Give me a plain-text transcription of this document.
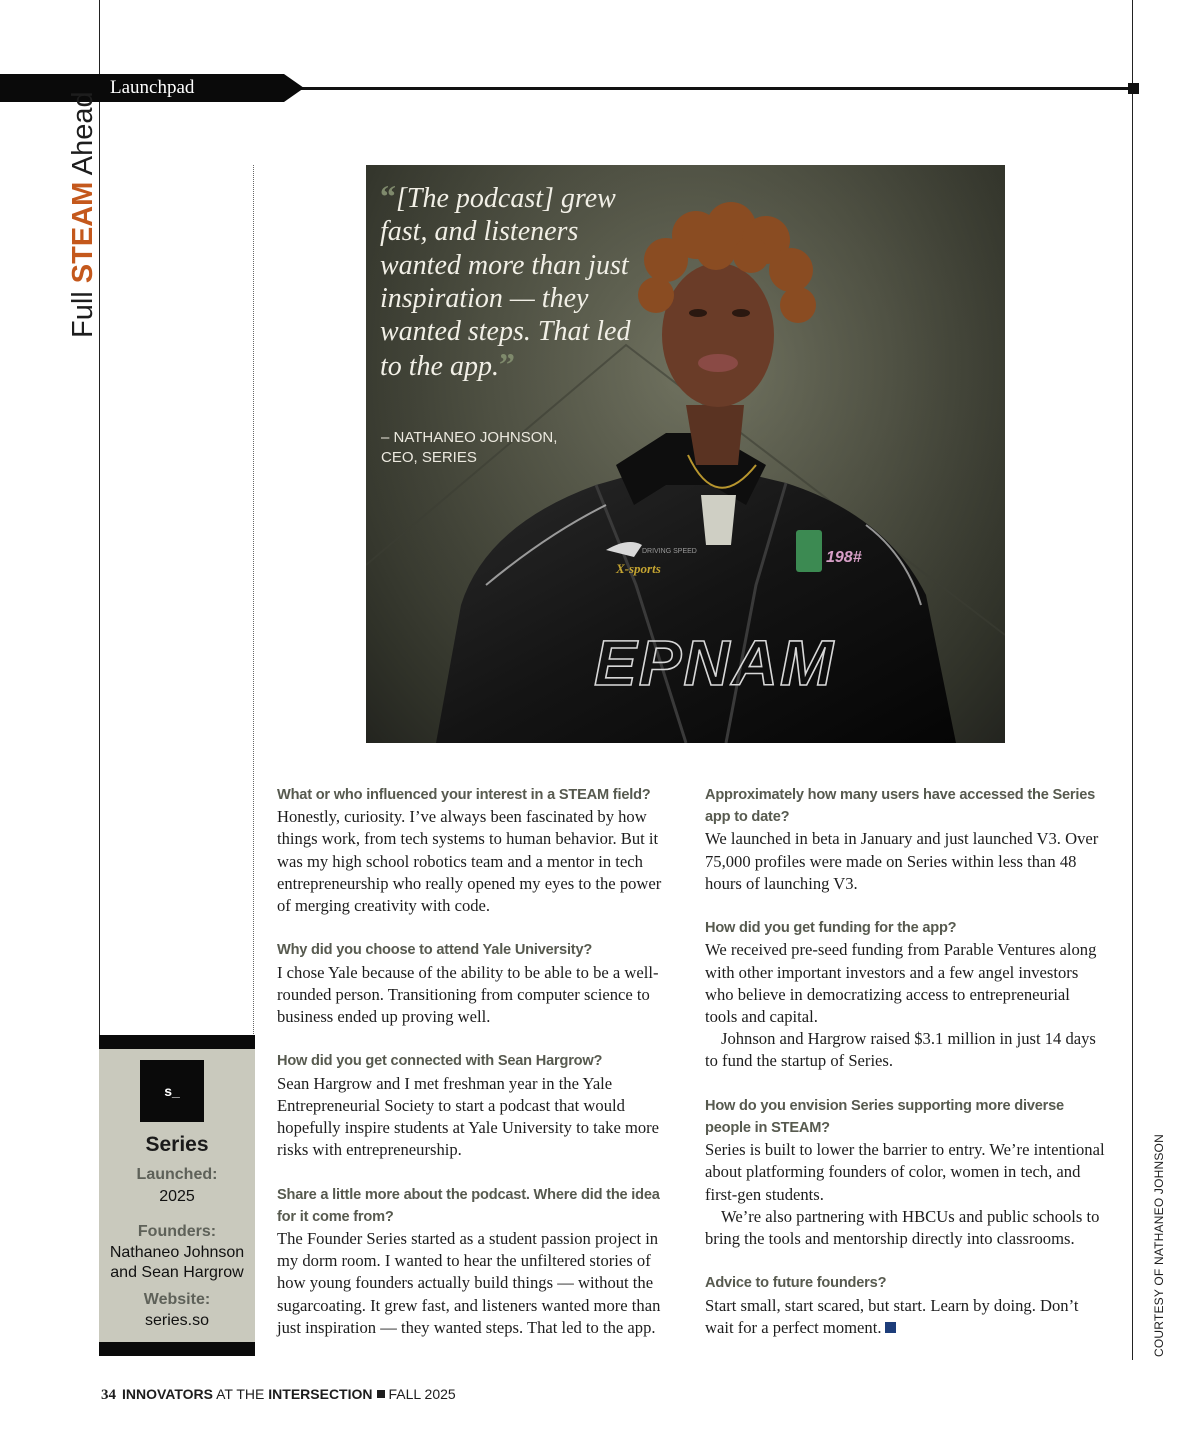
Launchpad
Full STEAM Ahead
X-sports
DRIVING SPEED	198#
EPNAM
“[The podcast] grew fast, and listeners wanted more than just inspiration — they wanted steps. That led to the app.”
– NATHANEO JOHNSON,
CEO, SERIES
s_
Series
Launched:
2025
Founders:
Nathaneo Johnson
and Sean Hargrow
Website:
series.so
What or who influenced your interest in a STEAM field?
Honestly, curiosity. I’ve always been fascinated by how things work, from tech systems to human behavior. But it was my high school robotics team and a mentor in tech entrepreneurship who really opened my eyes to the power of merging creativity with code.
Why did you choose to attend Yale University?
I chose Yale because of the ability to be able to be a well-rounded person. Transitioning from computer science to business ended up proving well.
How did you get connected with Sean Hargrow?
Sean Hargrow and I met freshman year in the Yale Entrepreneurial Society to start a podcast that would hopefully inspire students at Yale University to take more risks with entrepreneurship.
Share a little more about the podcast. Where did the idea for it come from?
The Founder Series started as a student passion project in my dorm room. I wanted to hear the unfiltered stories of how young founders actually build things — without the sugarcoating. It grew fast, and listeners wanted more than just inspiration — they wanted steps. That led to the app.
Approximately how many users have accessed the Series app to date?
We launched in beta in January and just launched V3. Over 75,000 profiles were made on Series within less than 48 hours of launching V3.
How did you get funding for the app?
We received pre-seed funding from Parable Ventures along with other important investors and a few angel investors who believe in democratizing access to entrepreneurial tools and capital.
Johnson and Hargrow raised $3.1 million in just 14 days to fund the startup of Series.
How do you envision Series supporting more diverse people in STEAM?
Series is built to lower the barrier to entry. We’re intentional about platforming founders of color, women in tech, and first-gen students.
We’re also partnering with HBCUs and public schools to bring the tools and mentorship directly into classrooms.
Advice to future founders?
Start small, start scared, but start. Learn by doing. Don’t wait for a perfect moment.	COURTESY OF NATHANEO JOHNSON
34 INNOVATORS AT THE INTERSECTION FALL 2025
